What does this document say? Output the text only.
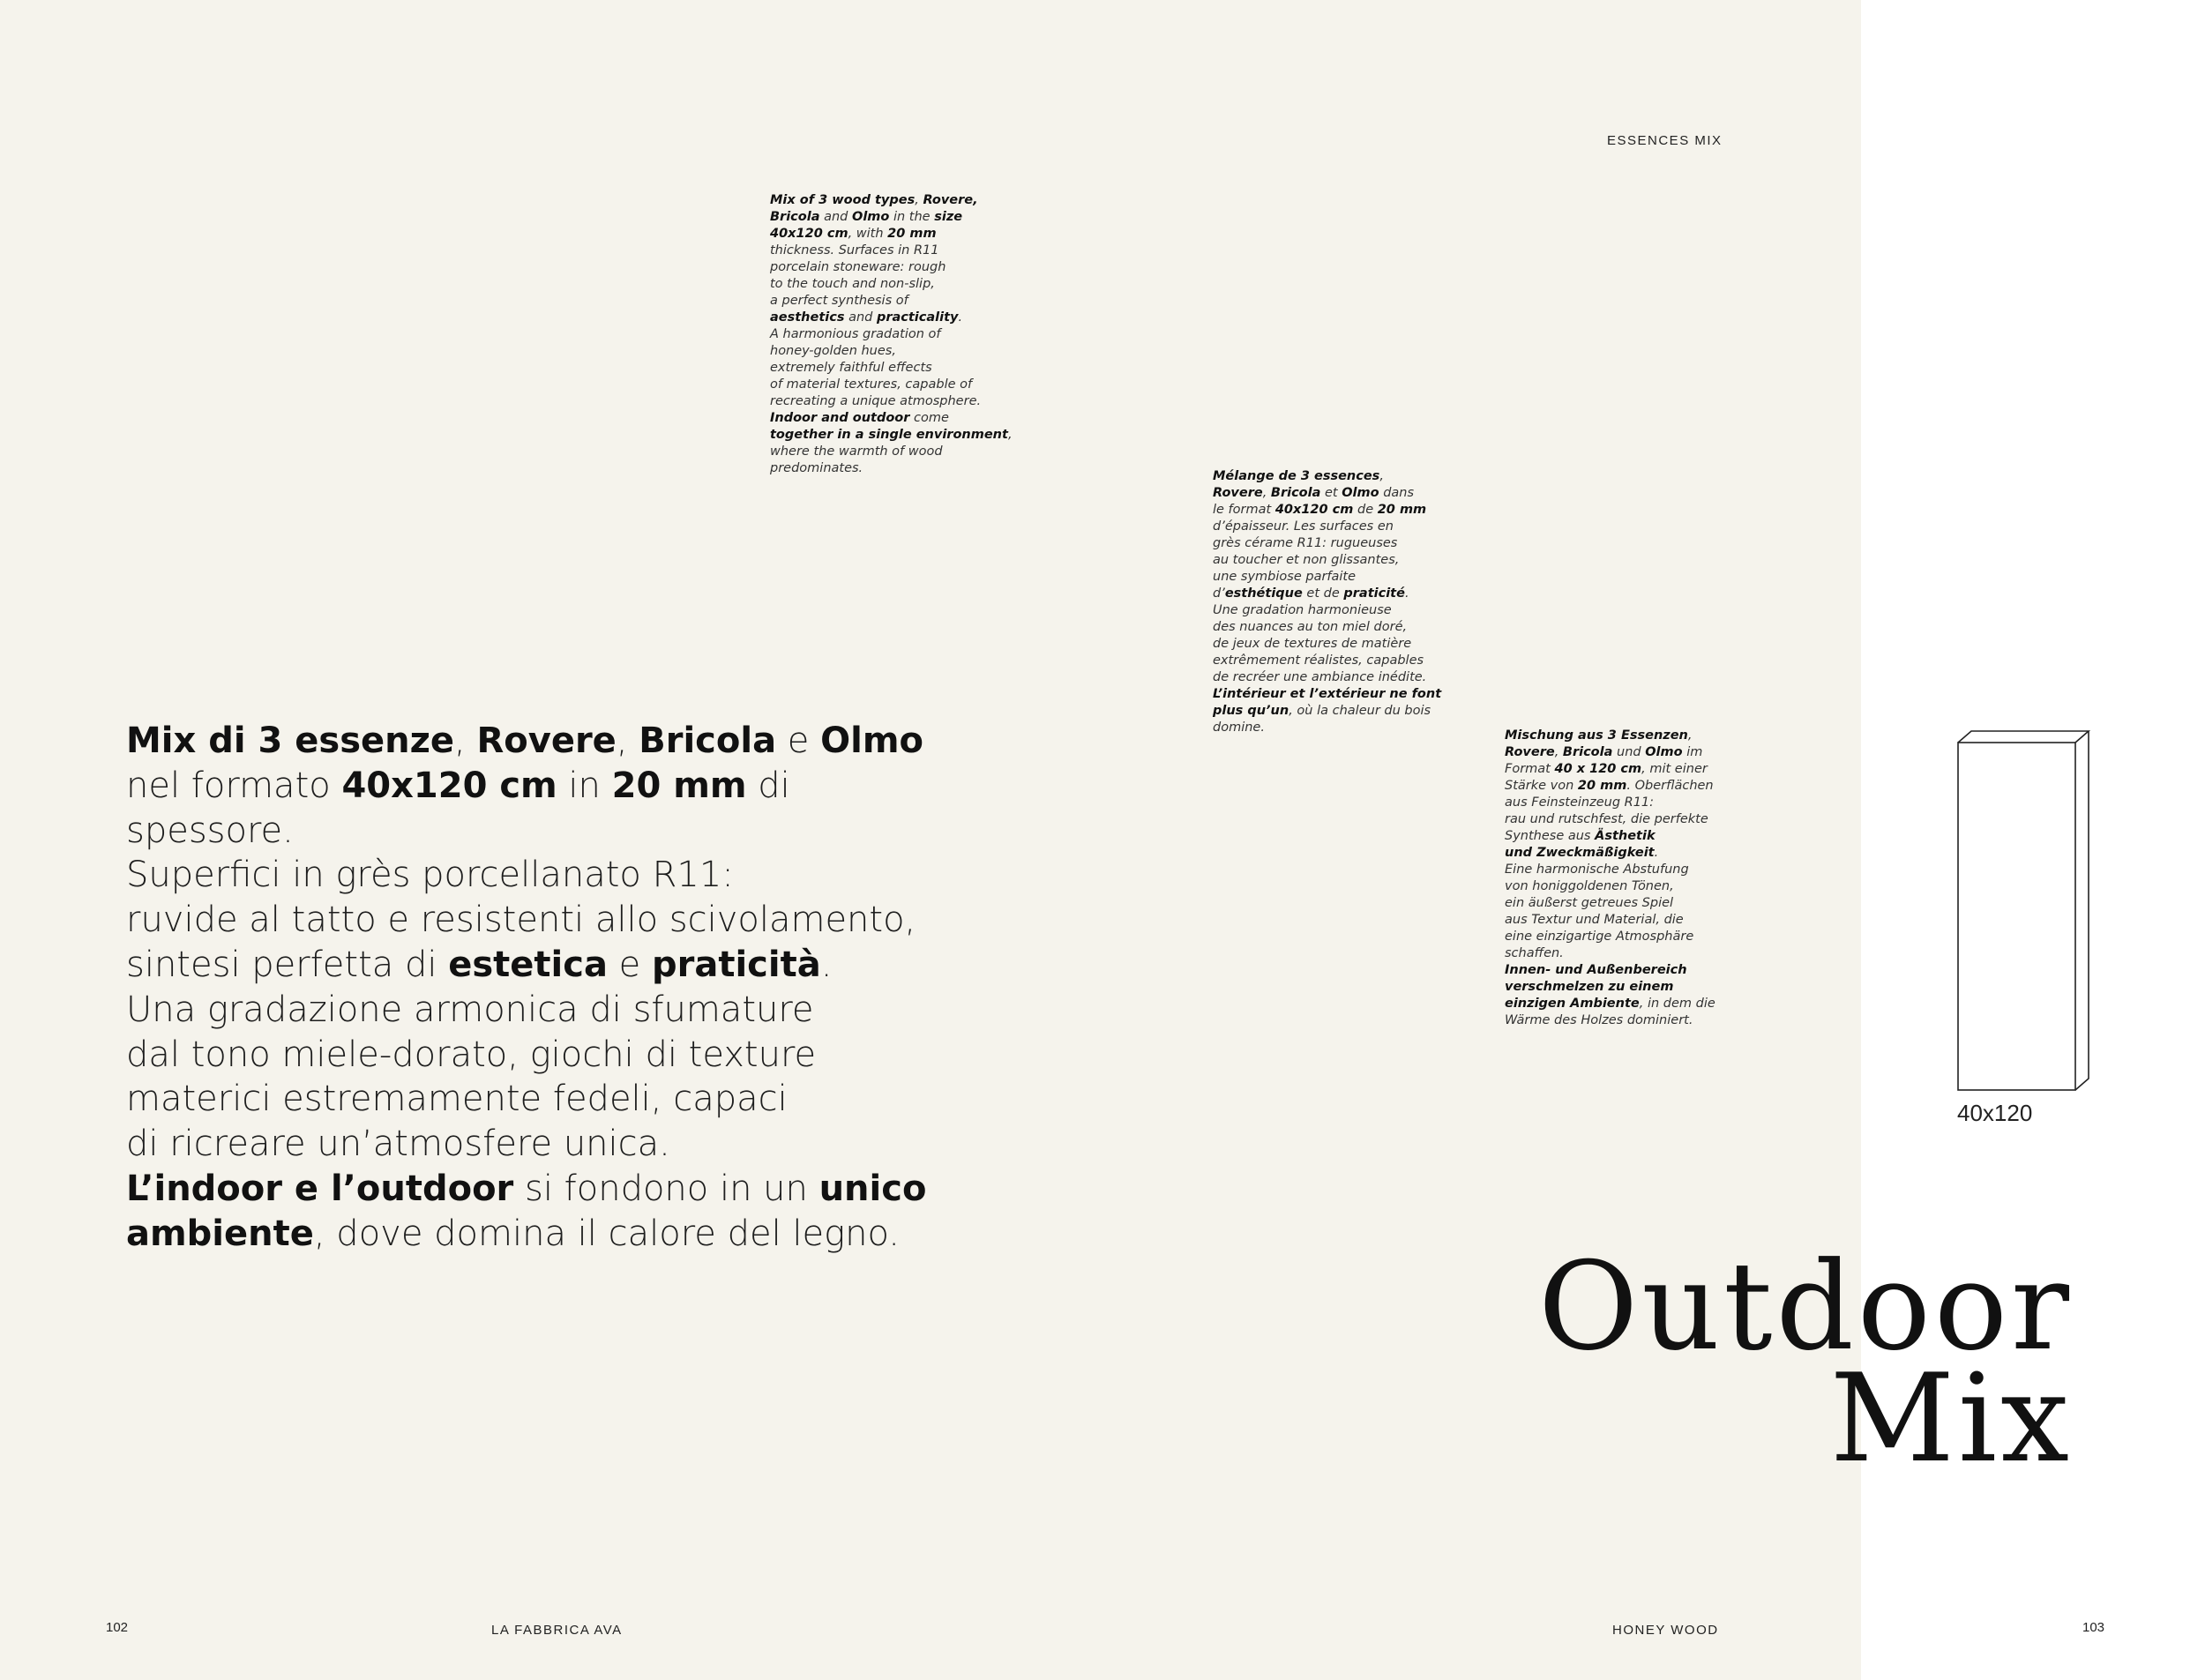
ESSENCES MIX

Mix of 3 wood types, Rovere,
Bricola and Olmo in the size
40x120 cm, with 20 mm
thickness. Surfaces in R11
porcelain stoneware: rough
to the touch and non-slip,
a perfect synthesis of
aesthetics and practicality.
A harmonious gradation of
honey-golden hues,
extremely faithful effects
of material textures, capable of
recreating a unique atmosphere.
Indoor and outdoor come
together in a single environment,
where the warmth of wood
predominates.

Mélange de 3 essences,
Rovere, Bricola et Olmo dans
le format 40x120 cm de 20 mm
d’épaisseur. Les surfaces en
grès cérame R11: rugueuses
au toucher et non glissantes,
une symbiose parfaite
d’esthétique et de praticité.
Une gradation harmonieuse
des nuances au ton miel doré,
de jeux de textures de matière
extrêmement réalistes, capables
de recréer une ambiance inédite.
L’intérieur et l’extérieur ne font
plus qu’un, où la chaleur du bois
domine.

Mischung aus 3 Essenzen,
Rovere, Bricola und Olmo im
Format 40 x 120 cm, mit einer
Stärke von 20 mm. Oberflächen
aus Feinsteinzeug R11:
rau und rutschfest, die perfekte
Synthese aus Ästhetik
und Zweckmäßigkeit.
Eine harmonische Abstufung
von honiggoldenen Tönen,
ein äußerst getreues Spiel
aus Textur und Material, die
eine einzigartige Atmosphäre
schaffen.
Innen- und Außenbereich
verschmelzen zu einem
einzigen Ambiente, in dem die
Wärme des Holzes dominiert.

Mix di 3 essenze, Rovere, Bricola e Olmo
nel formato 40x120 cm in 20 mm di
spessore.
Superfici in grès porcellanato R11:
ruvide al tatto e resistenti allo scivolamento,
sintesi perfetta di estetica e praticità.
Una gradazione armonica di sfumature
dal tono miele-dorato, giochi di texture
materici estremamente fedeli, capaci
di ricreare un’atmosfere unica.
L’indoor e l’outdoor si fondono in un unico
ambiente, dove domina il calore del legno.

40x120
Outdoor
Mix
102	LA FABBRICA AVA	HONEY WOOD	103
